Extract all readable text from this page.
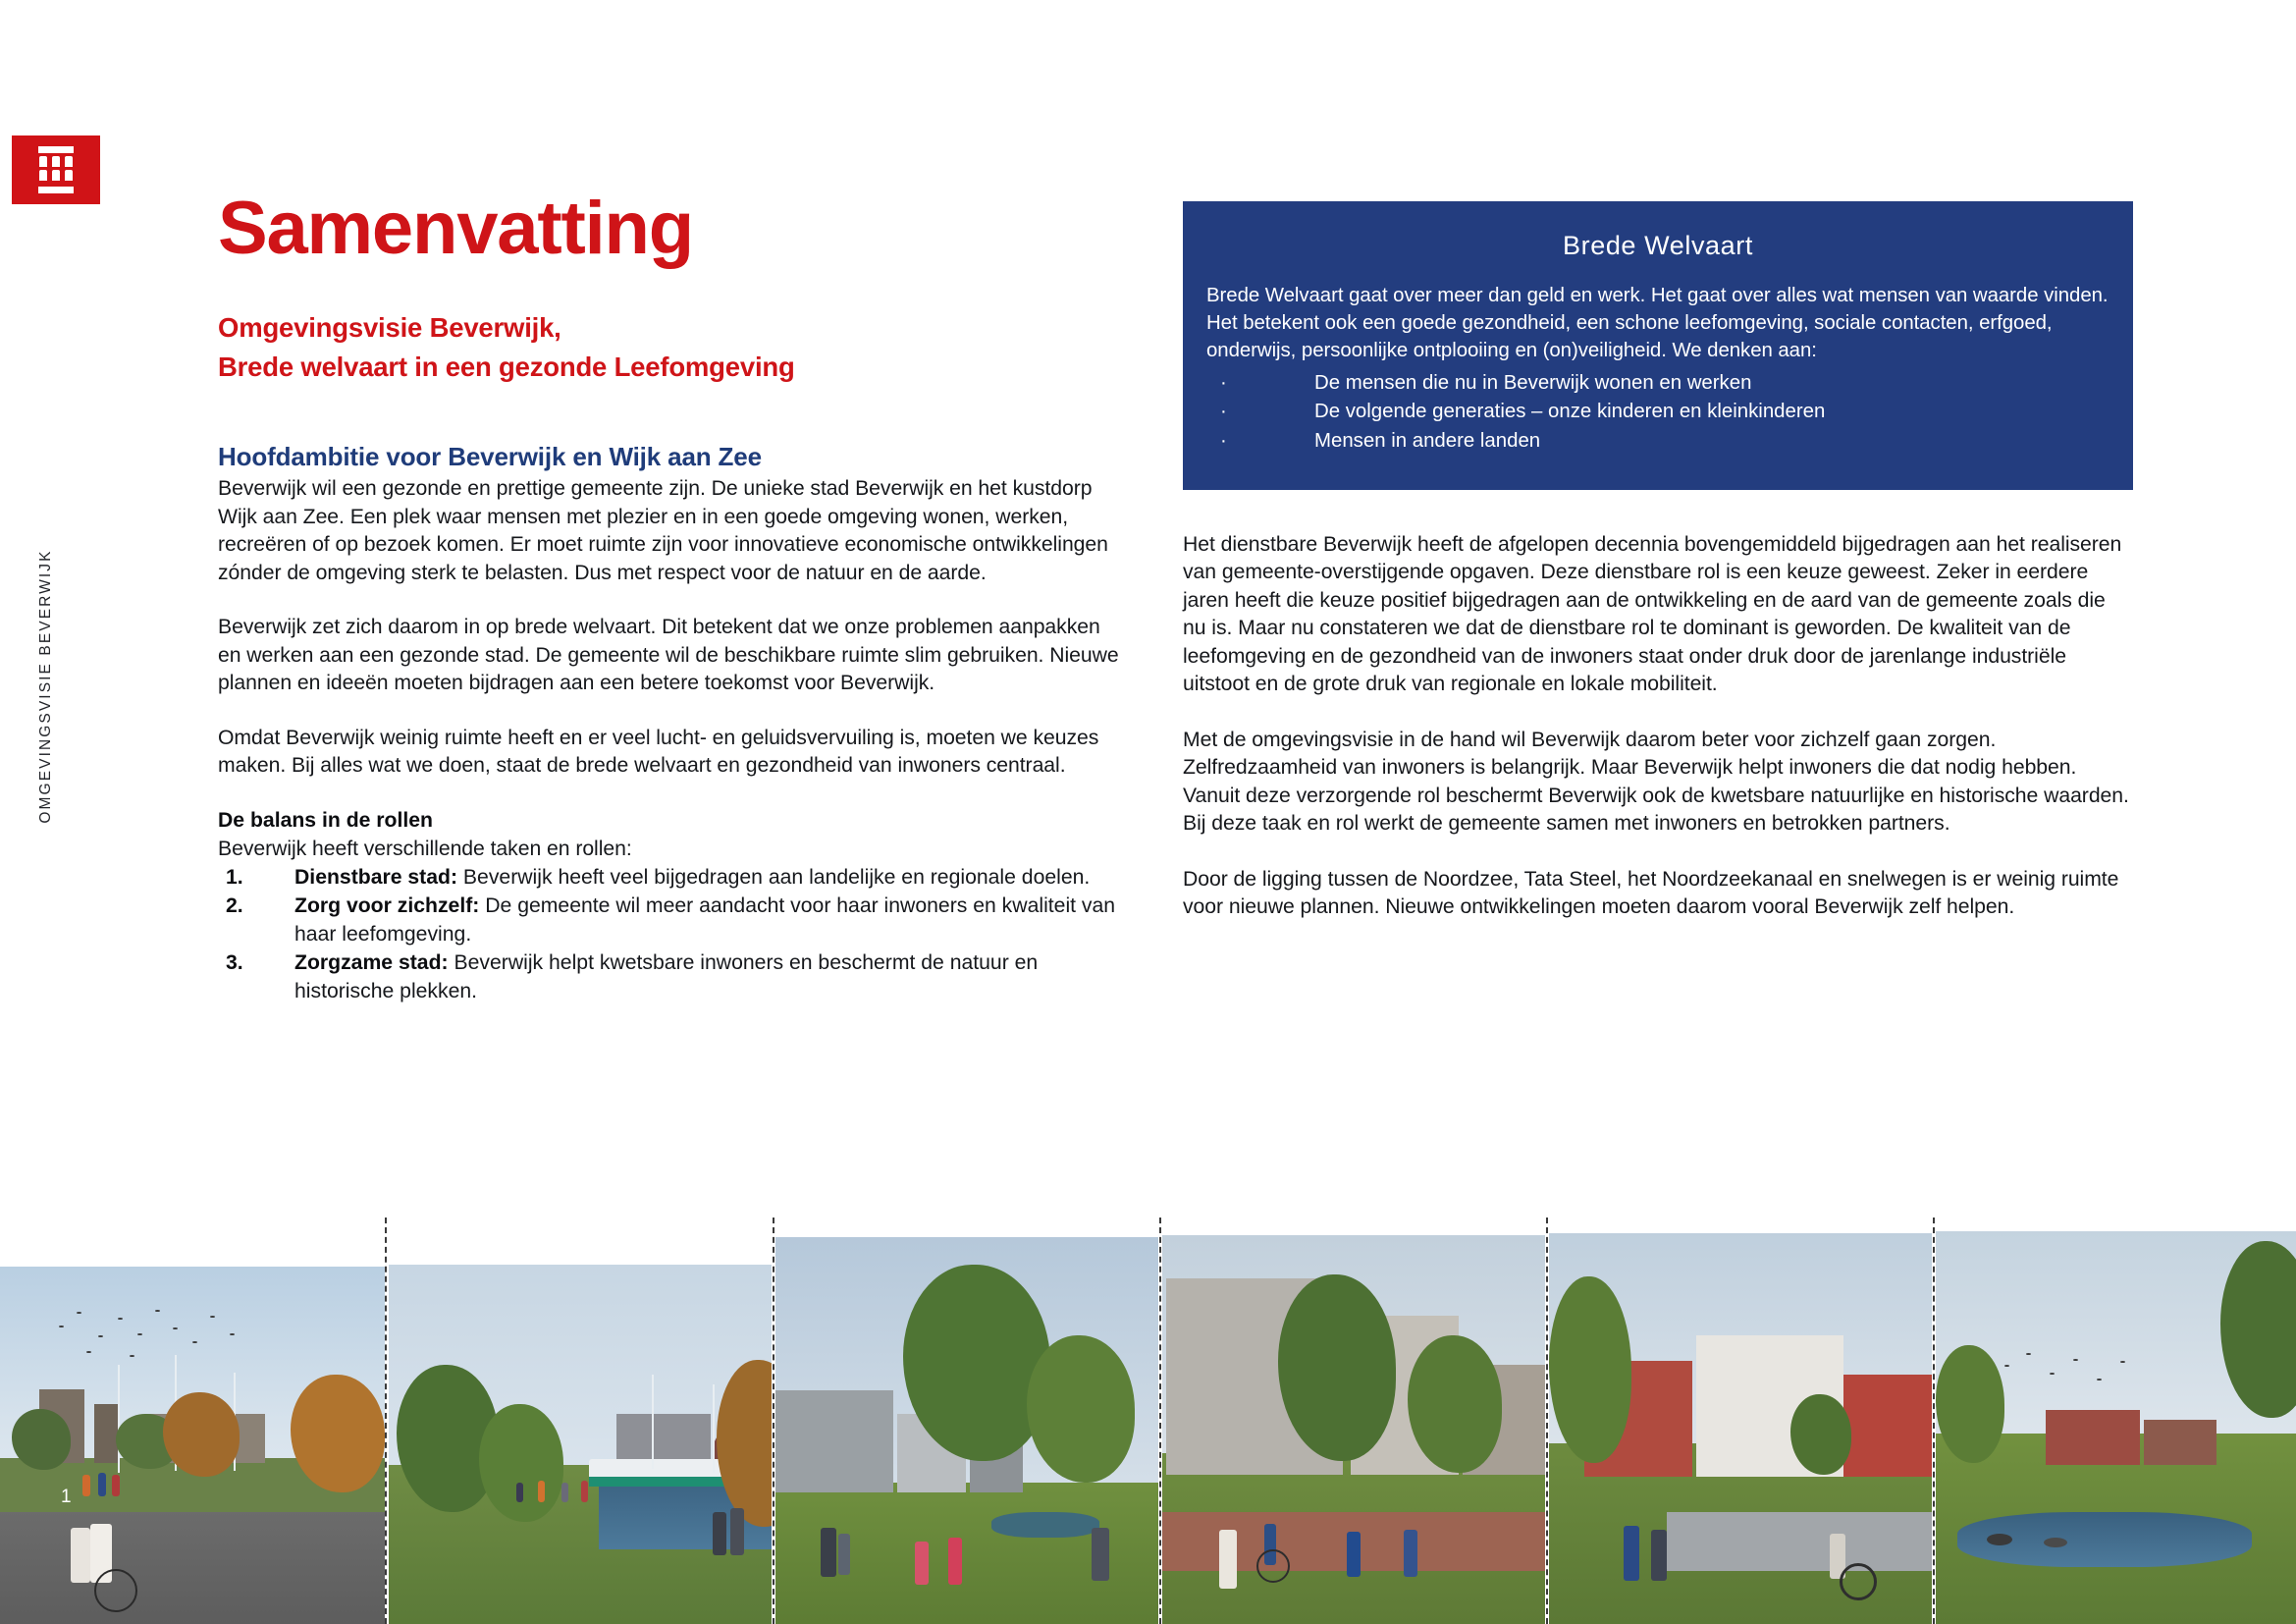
OMGEVINGSVISIE BEVERWIJK
Samenvatting
Omgevingsvisie Beverwijk,
Brede welvaart in een gezonde Leefomgeving
Hoofdambitie voor Beverwijk en Wijk aan Zee

Beverwijk wil een gezonde en prettige gemeente zijn. De unieke stad Beverwijk en het kustdorp Wijk aan Zee. Een plek waar mensen met plezier en in een goede omgeving wonen, werken, recreëren of op bezoek komen. Er moet ruimte zijn voor innovatieve economische ontwikkelingen zónder de omgeving sterk te belasten. Dus met respect voor de natuur en de aarde.

Beverwijk zet zich daarom in op brede welvaart. Dit betekent dat we onze problemen aanpakken en werken aan een gezonde stad. De gemeente wil de beschikbare ruimte slim gebruiken. Nieuwe plannen en ideeën moeten bijdragen aan een betere toekomst voor Beverwijk.

Omdat Beverwijk weinig ruimte heeft en er veel lucht- en geluidsvervuiling is, moeten we keuzes maken. Bij alles wat we doen, staat de brede welvaart en gezondheid van inwoners centraal.

De balans in de rollen

Beverwijk heeft verschillende taken en rollen:

1. Dienstbare stad: Beverwijk heeft veel bijgedragen aan landelijke en regionale doelen.
2. Zorg voor zichzelf: De gemeente wil meer aandacht voor haar inwoners en kwaliteit van haar leefomgeving.
3. Zorgzame stad: Beverwijk helpt kwetsbare inwoners en beschermt de natuur en historische plekken.
Brede Welvaart

Brede Welvaart gaat over meer dan geld en werk. Het gaat over alles wat mensen van waarde vinden. Het betekent ook een goede gezondheid, een schone leefomgeving, sociale contacten, erfgoed, onderwijs, persoonlijke ontplooiing en (on)veiligheid. We denken aan:

·	De mensen die nu in Beverwijk wonen en werken
·	De volgende generaties – onze kinderen en kleinkinderen
·	Mensen in andere landen

Het dienstbare Beverwijk heeft de afgelopen decennia bovengemiddeld bijgedragen aan het realiseren van gemeente-overstijgende opgaven. Deze dienstbare rol is een keuze geweest. Zeker in eerdere jaren heeft die keuze positief bijgedragen aan de ontwikkeling en de aard van de gemeente zoals die nu is. Maar nu constateren we dat de dienstbare rol te dominant is geworden. De kwaliteit van de leefomgeving en de gezondheid van de inwoners staat onder druk door de jarenlange industriële uitstoot en de grote druk van regionale en lokale mobiliteit.

Met de omgevingsvisie in de hand wil Beverwijk daarom beter voor zichzelf gaan zorgen. Zelfredzaamheid van inwoners is belangrijk. Maar Beverwijk helpt inwoners die dat nodig hebben. Vanuit deze verzorgende rol beschermt Beverwijk ook de kwetsbare natuurlijke en historische waarden. Bij deze taak en rol werkt de gemeente samen met inwoners en betrokken partners.

Door de ligging tussen de Noordzee, Tata Steel, het Noordzeekanaal en snelwegen is er weinig ruimte voor nieuwe plannen. Nieuwe ontwikkelingen moeten daarom vooral Beverwijk zelf helpen.

1
